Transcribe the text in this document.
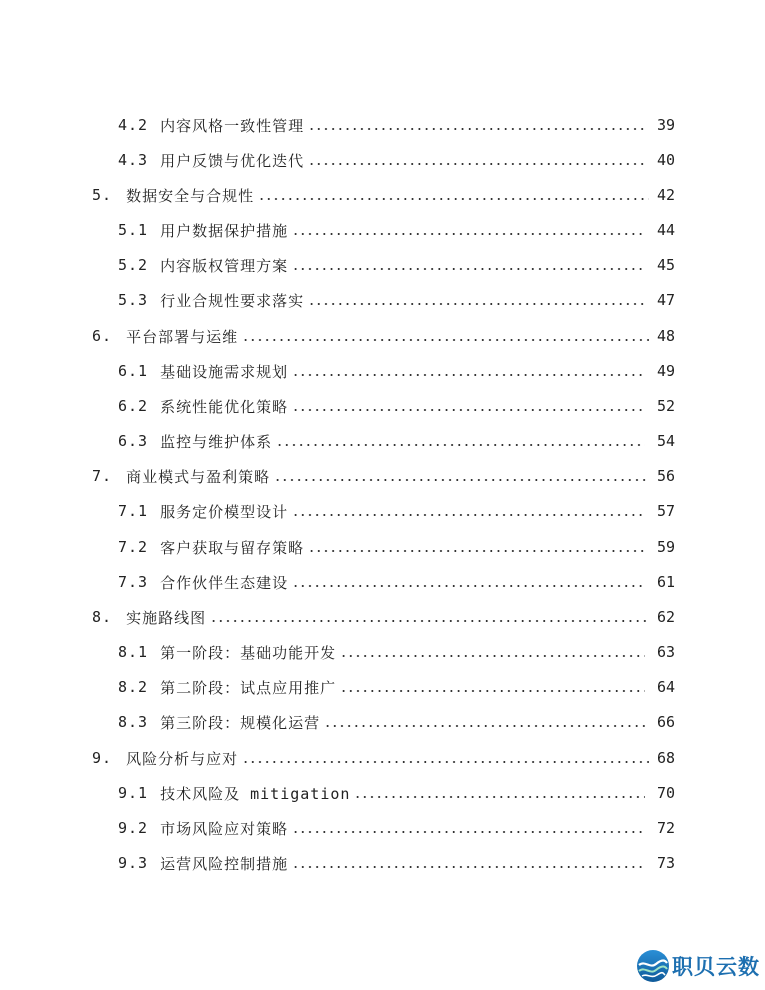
4.2 内容风格一致性管理	39
4.3 用户反馈与优化迭代	40
5. 数据安全与合规性	42
5.1 用户数据保护措施	44
5.2 内容版权管理方案	45
5.3 行业合规性要求落实	47
6. 平台部署与运维	48
6.1 基础设施需求规划	49
6.2 系统性能优化策略	52
6.3 监控与维护体系	54
7. 商业模式与盈利策略	56
7.1 服务定价模型设计	57
7.2 客户获取与留存策略	59
7.3 合作伙伴生态建设	61
8. 实施路线图	62
8.1 第一阶段：基础功能开发	63
8.2 第二阶段：试点应用推广	64
8.3 第三阶段：规模化运营	66
9. 风险分析与应对	68
9.1 技术风险及 mitigation	70
9.2 市场风险应对策略	72
9.3 运营风险控制措施	73
职贝云数
